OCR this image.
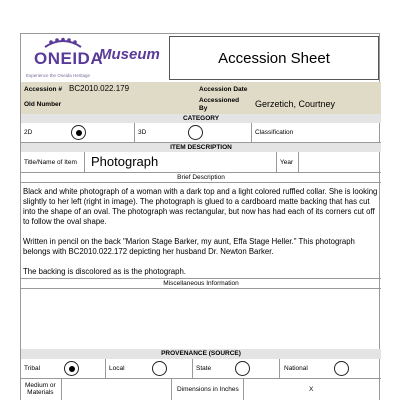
ONEIDA
Experience the Oneida Heritage
Museum	Accession Sheet
Accession # BC2010.022.179	Accession Date
Old Number
Accessioned
By	Gerzetich, Courtney
CATEGORY
2D	3D	Classification
ITEM DESCRIPTION
Title/Name of Item Photograph	Year
Brief Description

Black and white photograph of a woman with a dark top and a light colored ruffled collar. She is looking slightly to her left (right in image). The photograph is glued to a cardboard matte backing that has cut into the shape of an oval. The photograph was rectangular, but now has had each of its corners cut off to follow the oval shape.

Written in pencil on the back "Marion Stage Barker, my aunt, Effa Stage Heller." This photograph belongs with BC2010.022.172 depicting her husband Dr. Newton Barker.

The backing is discolored as is the photograph.

Miscellaneous Information
PROVENANCE (SOURCE)
Tribal	Local	State	National
Medium or
Materials	Dimensions in Inches	X
